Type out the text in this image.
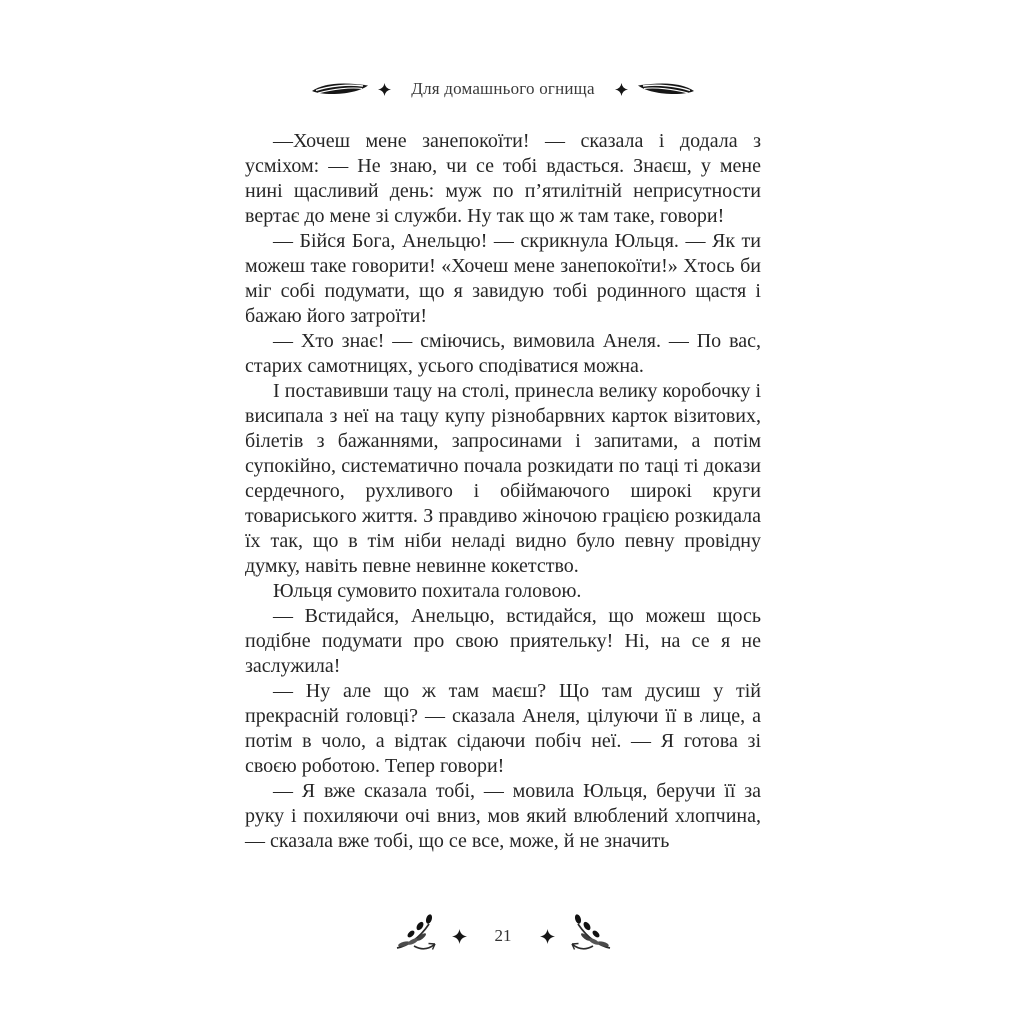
Для домашнього огнища

—Хочеш мене занепокоїти! — сказала і додала з усміхом: — Не знаю, чи се тобі вдасться. Знаєш, у мене нині щасливий день: муж по п’ятилітній неприсутности вертає до мене зі служби. Ну так що ж там таке, говори!

— Бійся Бога, Анельцю! — скрикнула Юльця. — Як ти можеш таке говорити! «Хочеш мене занепокоїти!» Хтось би міг собі подумати, що я завидую тобі родинного щастя і бажаю його затроїти!

— Хто знає! — сміючись, вимовила Анеля. — По вас, старих самотницях, усього сподіватися можна.

І поставивши тацу на столі, принесла велику коробочку і висипала з неї на тацу купу різнобарвних карток візитових, білетів з бажаннями, запросинами і запитами, а потім супокійно, систематично почала розкидати по таці ті докази сердечного, рухливого і обіймаючого широкі круги товариського життя. З правдиво жіночою грацією розкидала їх так, що в тім ніби неладі видно було певну провідну думку, навіть певне невинне кокетство.

Юльця сумовито похитала головою.

— Встидайся, Анельцю, встидайся, що можеш щось подібне подумати про свою приятельку! Ні, на се я не заслужила!

— Ну але що ж там маєш? Що там дусиш у тій прекрасній головці? — сказала Анеля, цілуючи її в лице, а потім в чоло, а відтак сідаючи побіч неї. — Я готова зі своєю роботою. Тепер говори!

— Я вже сказала тобі, — мовила Юльця, беручи її за руку і похиляючи очі вниз, мов який влюблений хлопчина, — сказала вже тобі, що се все, може, й не значить

21
